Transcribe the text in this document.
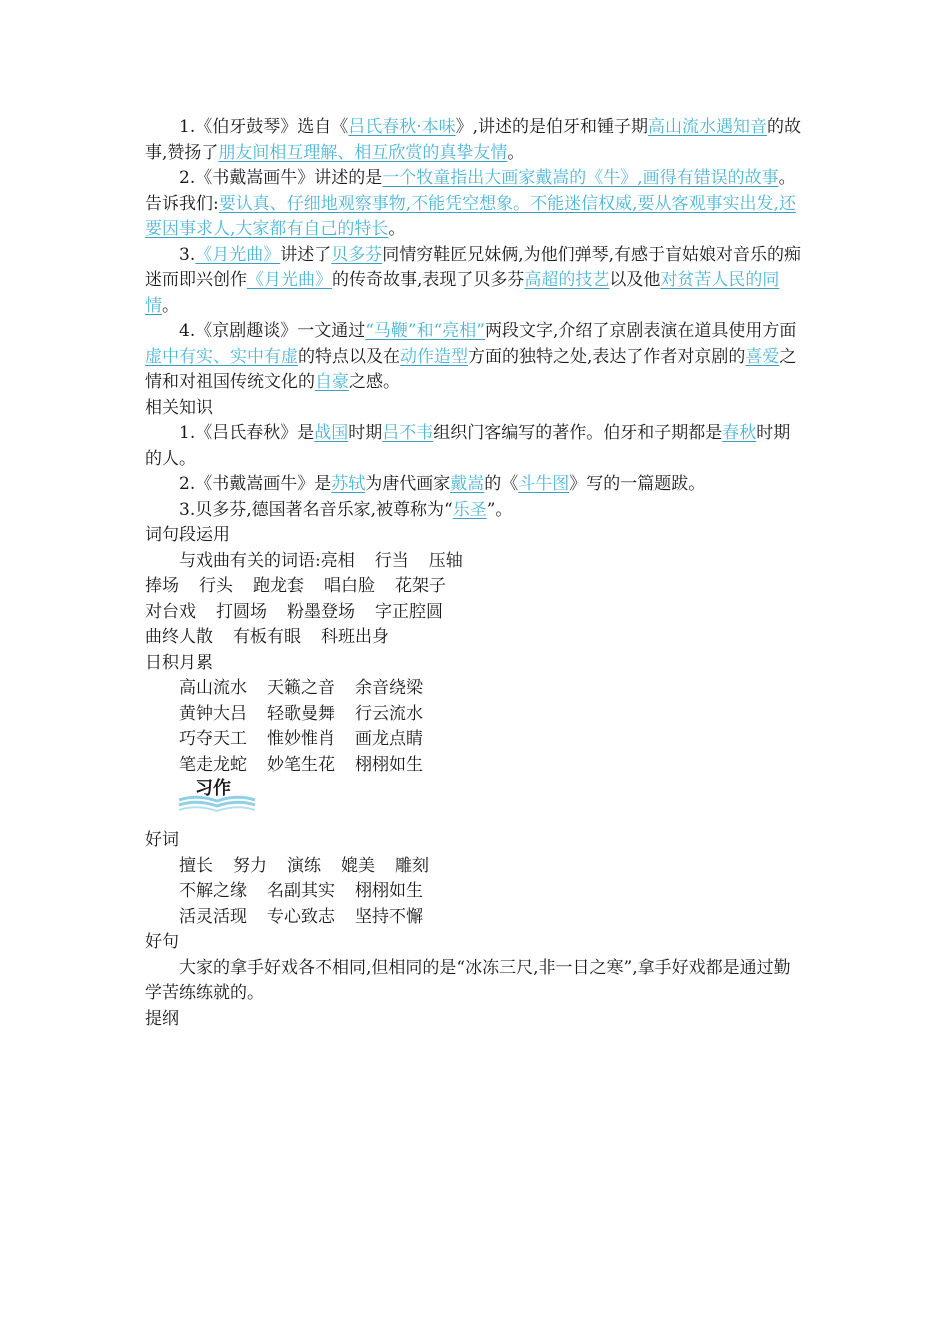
1.《伯牙鼓琴》选自《吕氏春秋·本味》,讲述的是伯牙和锺子期高山流水遇知音的故事,赞扬了朋友间相互理解、相互欣赏的真挚友情。

2.《书戴嵩画牛》讲述的是一个牧童指出大画家戴嵩的《牛》,画得有错误的故事。告诉我们:要认真、仔细地观察事物,不能凭空想象。不能迷信权威,要从客观事实出发,还要因事求人,大家都有自己的特长。

3.《月光曲》讲述了贝多芬同情穷鞋匠兄妹俩,为他们弹琴,有感于盲姑娘对音乐的痴迷而即兴创作《月光曲》的传奇故事,表现了贝多芬高超的技艺以及他对贫苦人民的同情。

4.《京剧趣谈》一文通过“马鞭”和“亮相”两段文字,介绍了京剧表演在道具使用方面虚中有实、实中有虚的特点以及在动作造型方面的独特之处,表达了作者对京剧的喜爱之情和对祖国传统文化的自豪之感。

相关知识

1.《吕氏春秋》是战国时期吕不韦组织门客编写的著作。伯牙和子期都是春秋时期的人。

2.《书戴嵩画牛》是苏轼为唐代画家戴嵩的《斗牛图》写的一篇题跋。

3.贝多芬,德国著名音乐家,被尊称为“乐圣”。

词句段运用

与戏曲有关的词语:亮相 行当 压轴

捧场 行头 跑龙套 唱白脸 花架子

对台戏 打圆场 粉墨登场 字正腔圆

曲终人散 有板有眼 科班出身

日积月累

高山流水 天籁之音 余音绕梁

黄钟大吕 轻歌曼舞 行云流水

巧夺天工 惟妙惟肖 画龙点睛

笔走龙蛇 妙笔生花 栩栩如生

习作

好词

擅长 努力 演练 媲美 雕刻

不解之缘 名副其实 栩栩如生

活灵活现 专心致志 坚持不懈

好句

大家的拿手好戏各不相同,但相同的是“冰冻三尺,非一日之寒”,拿手好戏都是通过勤学苦练练就的。

提纲
